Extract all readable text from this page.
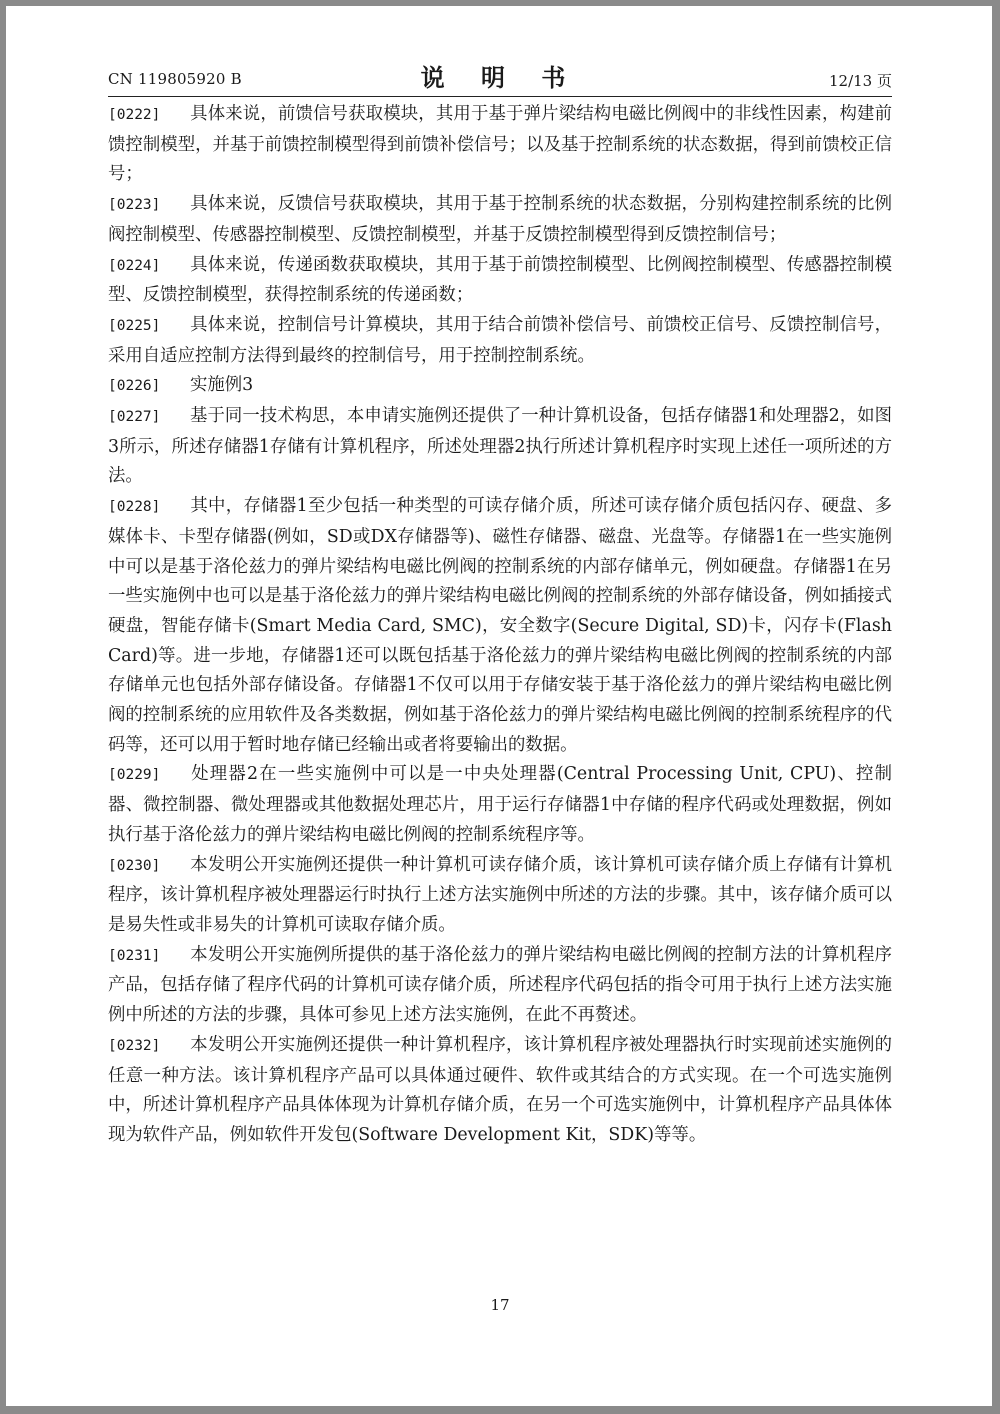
CN 119805920 B	说 明 书	12/13 页
[0222] 具体来说，前馈信号获取模块，其用于基于弹片梁结构电磁比例阀中的非线性因素，构建前馈控制模型，并基于前馈控制模型得到前馈补偿信号；以及基于控制系统的状态数据，得到前馈校正信号；
[0223] 具体来说，反馈信号获取模块，其用于基于控制系统的状态数据，分别构建控制系统的比例阀控制模型、传感器控制模型、反馈控制模型，并基于反馈控制模型得到反馈控制信号；
[0224] 具体来说，传递函数获取模块，其用于基于前馈控制模型、比例阀控制模型、传感器控制模型、反馈控制模型，获得控制系统的传递函数；
[0225] 具体来说，控制信号计算模块，其用于结合前馈补偿信号、前馈校正信号、反馈控制信号，采用自适应控制方法得到最终的控制信号，用于控制控制系统。
[0226] 实施例3
[0227] 基于同一技术构思，本申请实施例还提供了一种计算机设备，包括存储器1和处理器2，如图3所示，所述存储器1存储有计算机程序，所述处理器2执行所述计算机程序时实现上述任一项所述的方法。
[0228] 其中，存储器1至少包括一种类型的可读存储介质，所述可读存储介质包括闪存、硬盘、多媒体卡、卡型存储器(例如，SD或DX存储器等)、磁性存储器、磁盘、光盘等。存储器1在一些实施例中可以是基于洛伦兹力的弹片梁结构电磁比例阀的控制系统的内部存储单元，例如硬盘。存储器1在另一些实施例中也可以是基于洛伦兹力的弹片梁结构电磁比例阀的控制系统的外部存储设备，例如插接式硬盘，智能存储卡(Smart Media Card, SMC)，安全数字(Secure Digital, SD)卡，闪存卡(Flash Card)等。进一步地，存储器1还可以既包括基于洛伦兹力的弹片梁结构电磁比例阀的控制系统的内部存储单元也包括外部存储设备。存储器1不仅可以用于存储安装于基于洛伦兹力的弹片梁结构电磁比例阀的控制系统的应用软件及各类数据，例如基于洛伦兹力的弹片梁结构电磁比例阀的控制系统程序的代码等，还可以用于暂时地存储已经输出或者将要输出的数据。
[0229] 处理器2在一些实施例中可以是一中央处理器(Central Processing Unit, CPU)、控制器、微控制器、微处理器或其他数据处理芯片，用于运行存储器1中存储的程序代码或处理数据，例如执行基于洛伦兹力的弹片梁结构电磁比例阀的控制系统程序等。
[0230] 本发明公开实施例还提供一种计算机可读存储介质，该计算机可读存储介质上存储有计算机程序，该计算机程序被处理器运行时执行上述方法实施例中所述的方法的步骤。其中，该存储介质可以是易失性或非易失的计算机可读取存储介质。
[0231] 本发明公开实施例所提供的基于洛伦兹力的弹片梁结构电磁比例阀的控制方法的计算机程序产品，包括存储了程序代码的计算机可读存储介质，所述程序代码包括的指令可用于执行上述方法实施例中所述的方法的步骤，具体可参见上述方法实施例，在此不再赘述。
[0232] 本发明公开实施例还提供一种计算机程序，该计算机程序被处理器执行时实现前述实施例的任意一种方法。该计算机程序产品可以具体通过硬件、软件或其结合的方式实现。在一个可选实施例中，所述计算机程序产品具体体现为计算机存储介质，在另一个可选实施例中，计算机程序产品具体体现为软件产品，例如软件开发包(Software Development Kit，SDK)等等。
17
